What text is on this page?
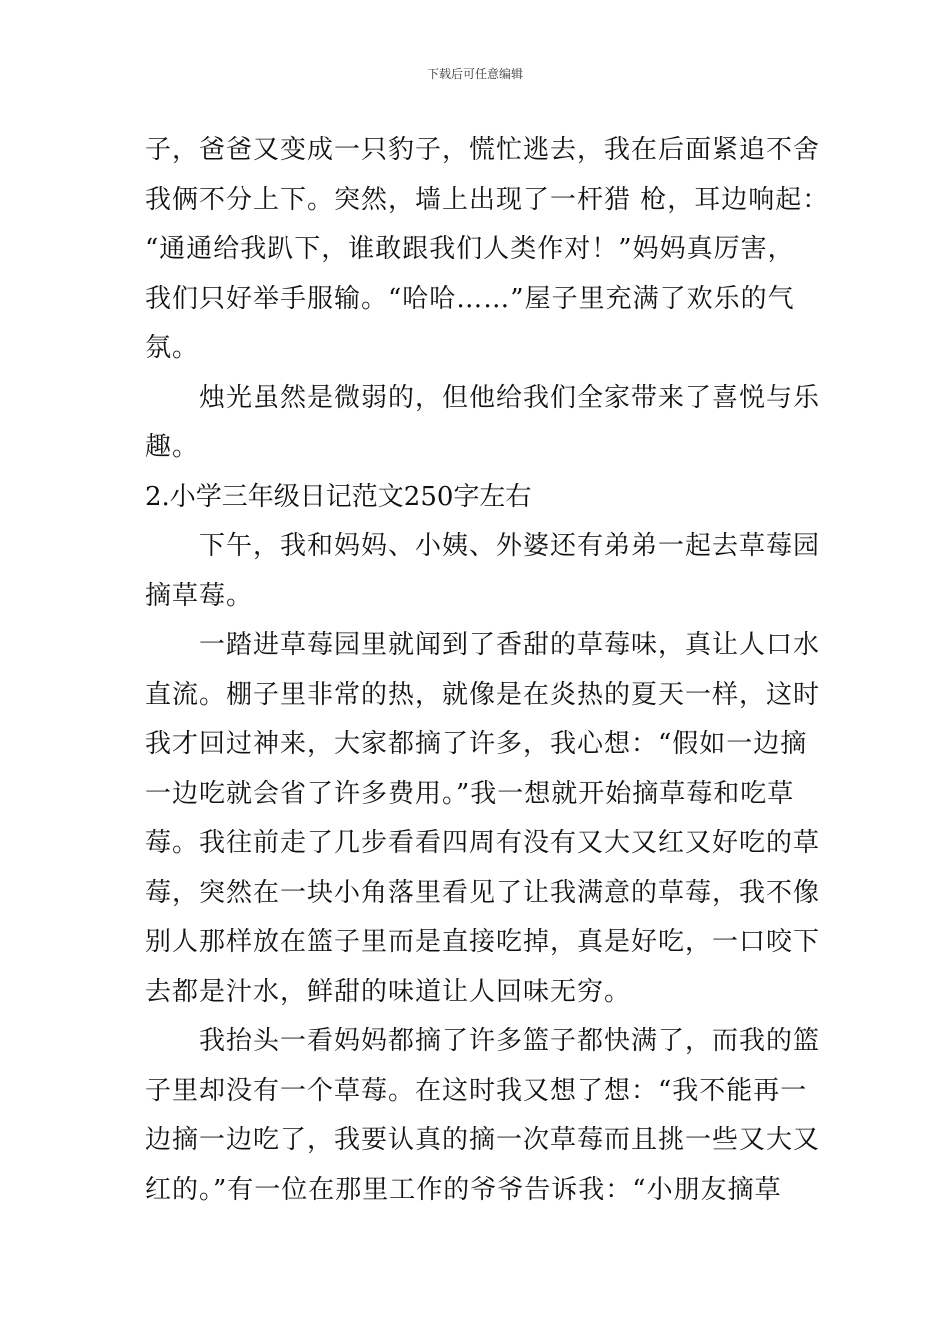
下载后可任意编辑
子，爸爸又变成一只豹子，慌忙逃去，我在后面紧追不舍
我俩不分上下。突然，墙上出现了一杆猎 枪，耳边响起：
“通通给我趴下，谁敢跟我们人类作对！”妈妈真厉害，
我们只好举手服输。“哈哈……”屋子里充满了欢乐的气
氛。
烛光虽然是微弱的，但他给我们全家带来了喜悦与乐
趣。
2.小学三年级日记范文250字左右
下午，我和妈妈、小姨、外婆还有弟弟一起去草莓园
摘草莓。
一踏进草莓园里就闻到了香甜的草莓味，真让人口水
直流。棚子里非常的热，就像是在炎热的夏天一样，这时
我才回过神来，大家都摘了许多，我心想：“假如一边摘
一边吃就会省了许多费用。”我一想就开始摘草莓和吃草
莓。我往前走了几步看看四周有没有又大又红又好吃的草
莓，突然在一块小角落里看见了让我满意的草莓，我不像
别人那样放在篮子里而是直接吃掉，真是好吃，一口咬下
去都是汁水，鲜甜的味道让人回味无穷。
我抬头一看妈妈都摘了许多篮子都快满了，而我的篮
子里却没有一个草莓。在这时我又想了想：“我不能再一
边摘一边吃了，我要认真的摘一次草莓而且挑一些又大又
红的。”有一位在那里工作的爷爷告诉我：“小朋友摘草
